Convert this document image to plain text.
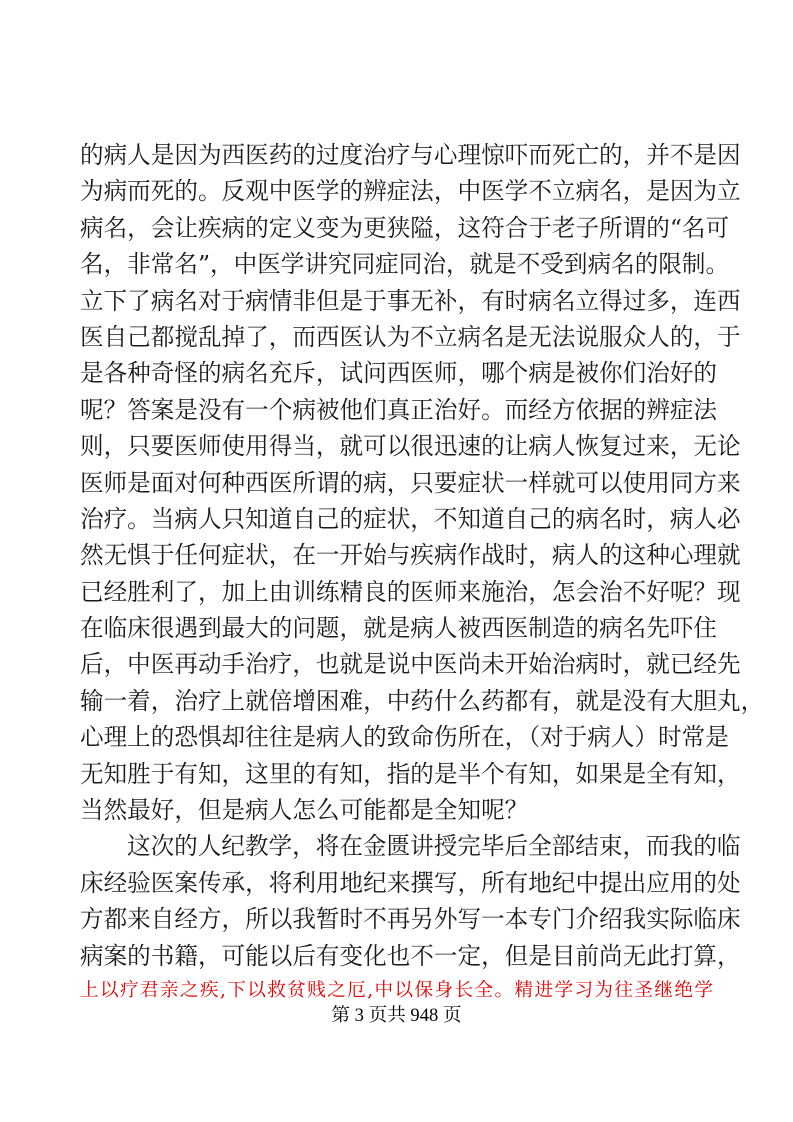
的病人是因为西医药的过度治疗与心理惊吓而死亡的，并不是因
为病而死的。反观中医学的辨症法，中医学不立病名，是因为立
病名，会让疾病的定义变为更狭隘，这符合于老子所谓的“名可
名，非常名”，中医学讲究同症同治，就是不受到病名的限制。
立下了病名对于病情非但是于事无补，有时病名立得过多，连西
医自己都搅乱掉了，而西医认为不立病名是无法说服众人的，于
是各种奇怪的病名充斥，试问西医师，哪个病是被你们治好的
呢？答案是没有一个病被他们真正治好。而经方依据的辨症法
则，只要医师使用得当，就可以很迅速的让病人恢复过来，无论
医师是面对何种西医所谓的病，只要症状一样就可以使用同方来
治疗。当病人只知道自己的症状，不知道自己的病名时，病人必
然无惧于任何症状，在一开始与疾病作战时，病人的这种心理就
已经胜利了，加上由训练精良的医师来施治，怎会治不好呢？现
在临床很遇到最大的问题，就是病人被西医制造的病名先吓住
后，中医再动手治疗，也就是说中医尚未开始治病时，就已经先
输一着，治疗上就倍增困难，中药什么药都有，就是没有大胆丸，
心理上的恐惧却往往是病人的致命伤所在，（对于病人）时常是
无知胜于有知，这里的有知，指的是半个有知，如果是全有知，
当然最好，但是病人怎么可能都是全知呢？
这次的人纪教学，将在金匮讲授完毕后全部结束，而我的临
床经验医案传承，将利用地纪来撰写，所有地纪中提出应用的处
方都来自经方，所以我暂时不再另外写一本专门介绍我实际临床
病案的书籍，可能以后有变化也不一定，但是目前尚无此打算，
上以疗君亲之疾,下以救贫贱之厄,中以保身长全。精进学习为往圣继绝学
第 3 页共 948 页
